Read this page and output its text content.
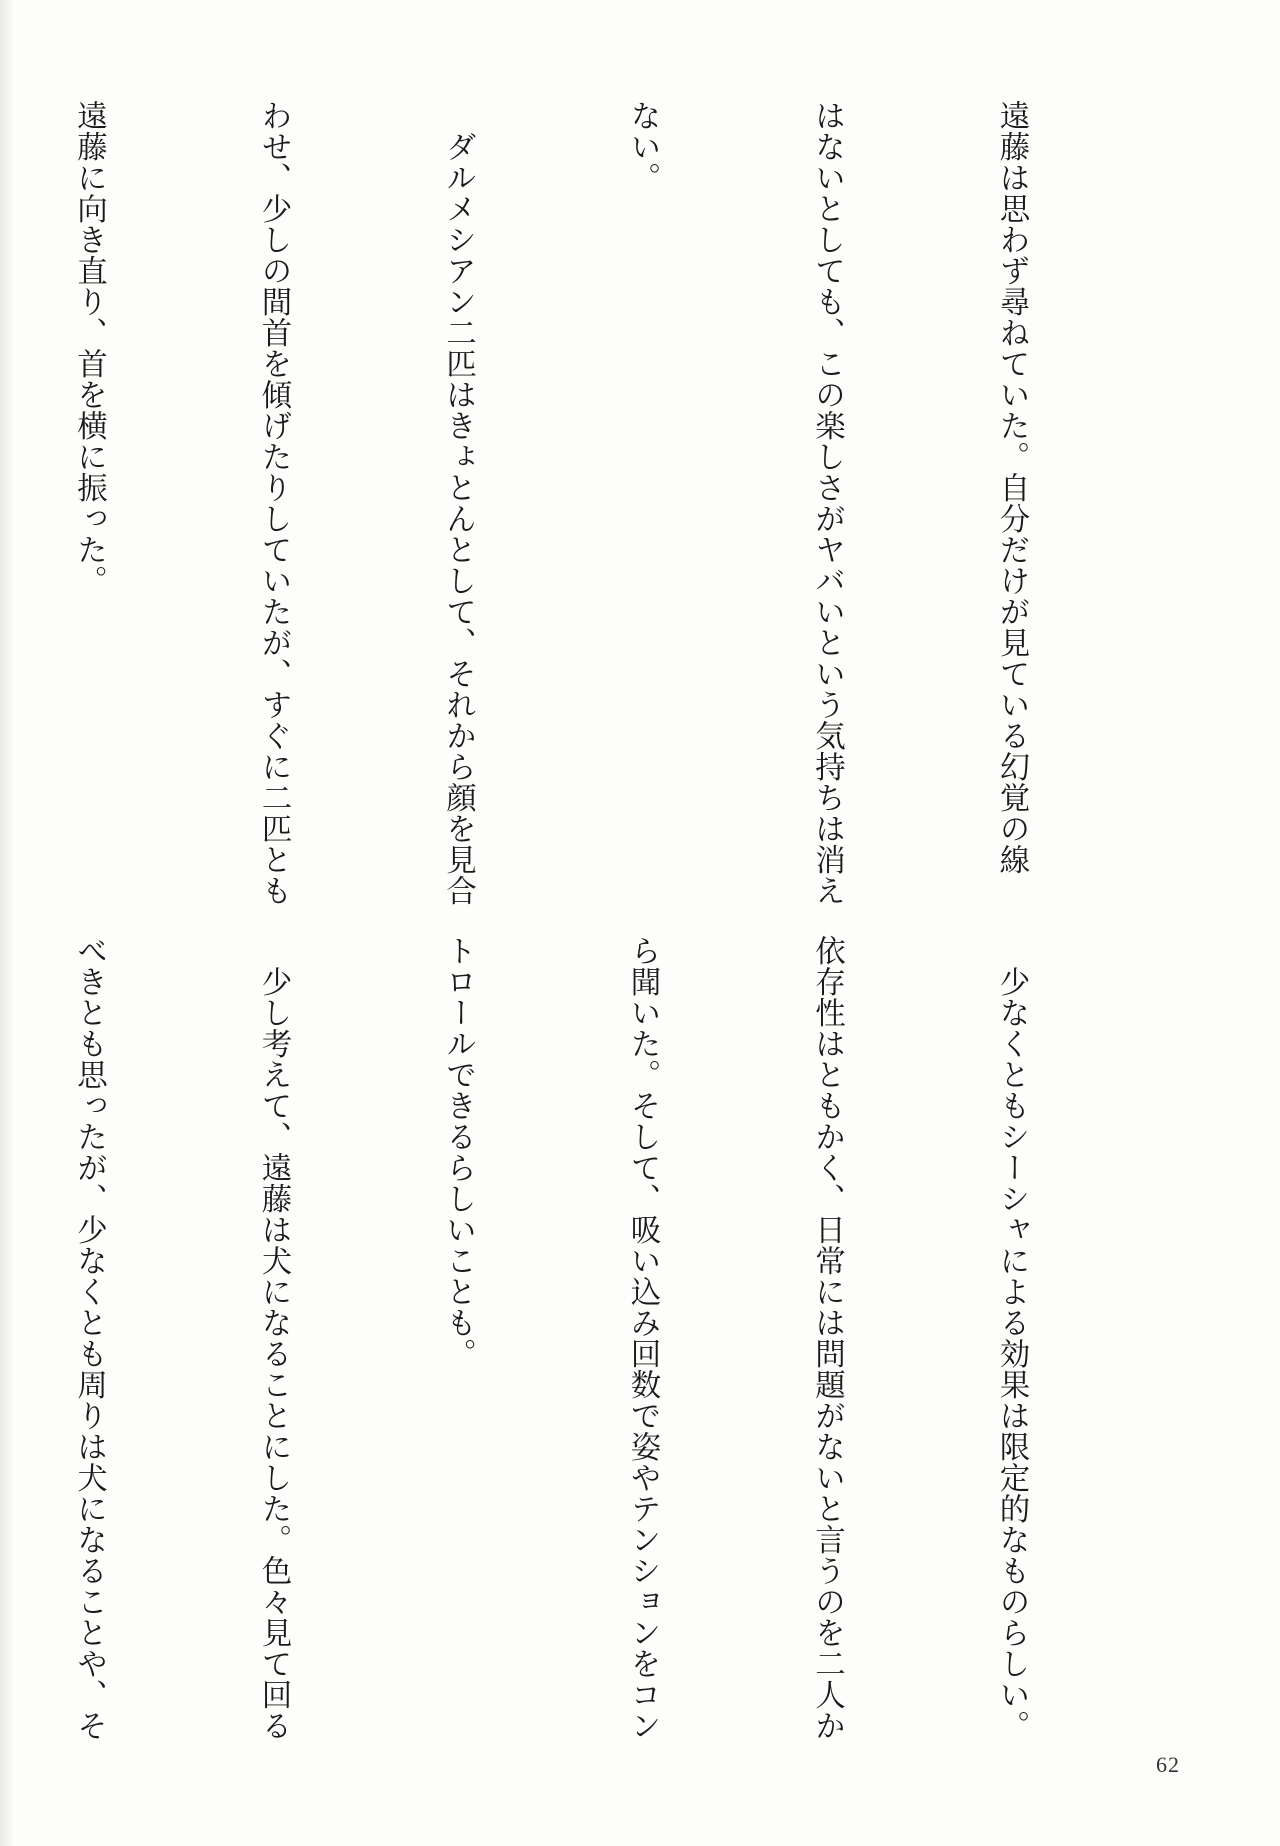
遠藤は思わず尋ねていた。自分だけが見ている幻覚の線

はないとしても、この楽しさがヤバいという気持ちは消え

ない。

　ダルメシアン二匹はきょとんとして、それから顔を見合

わせ、少しの間首を傾げたりしていたが、すぐに二匹とも

遠藤に向き直り、首を横に振った。

　少なくともシーシャによる効果は限定的なものらしい。

依存性はともかく、日常には問題がないと言うのを二人か

ら聞いた。そして、吸い込み回数で姿やテンションをコン

トロールできるらしいことも。

　少し考えて、遠藤は犬になることにした。色々見て回る

べきとも思ったが、少なくとも周りは犬になることや、そ

62
